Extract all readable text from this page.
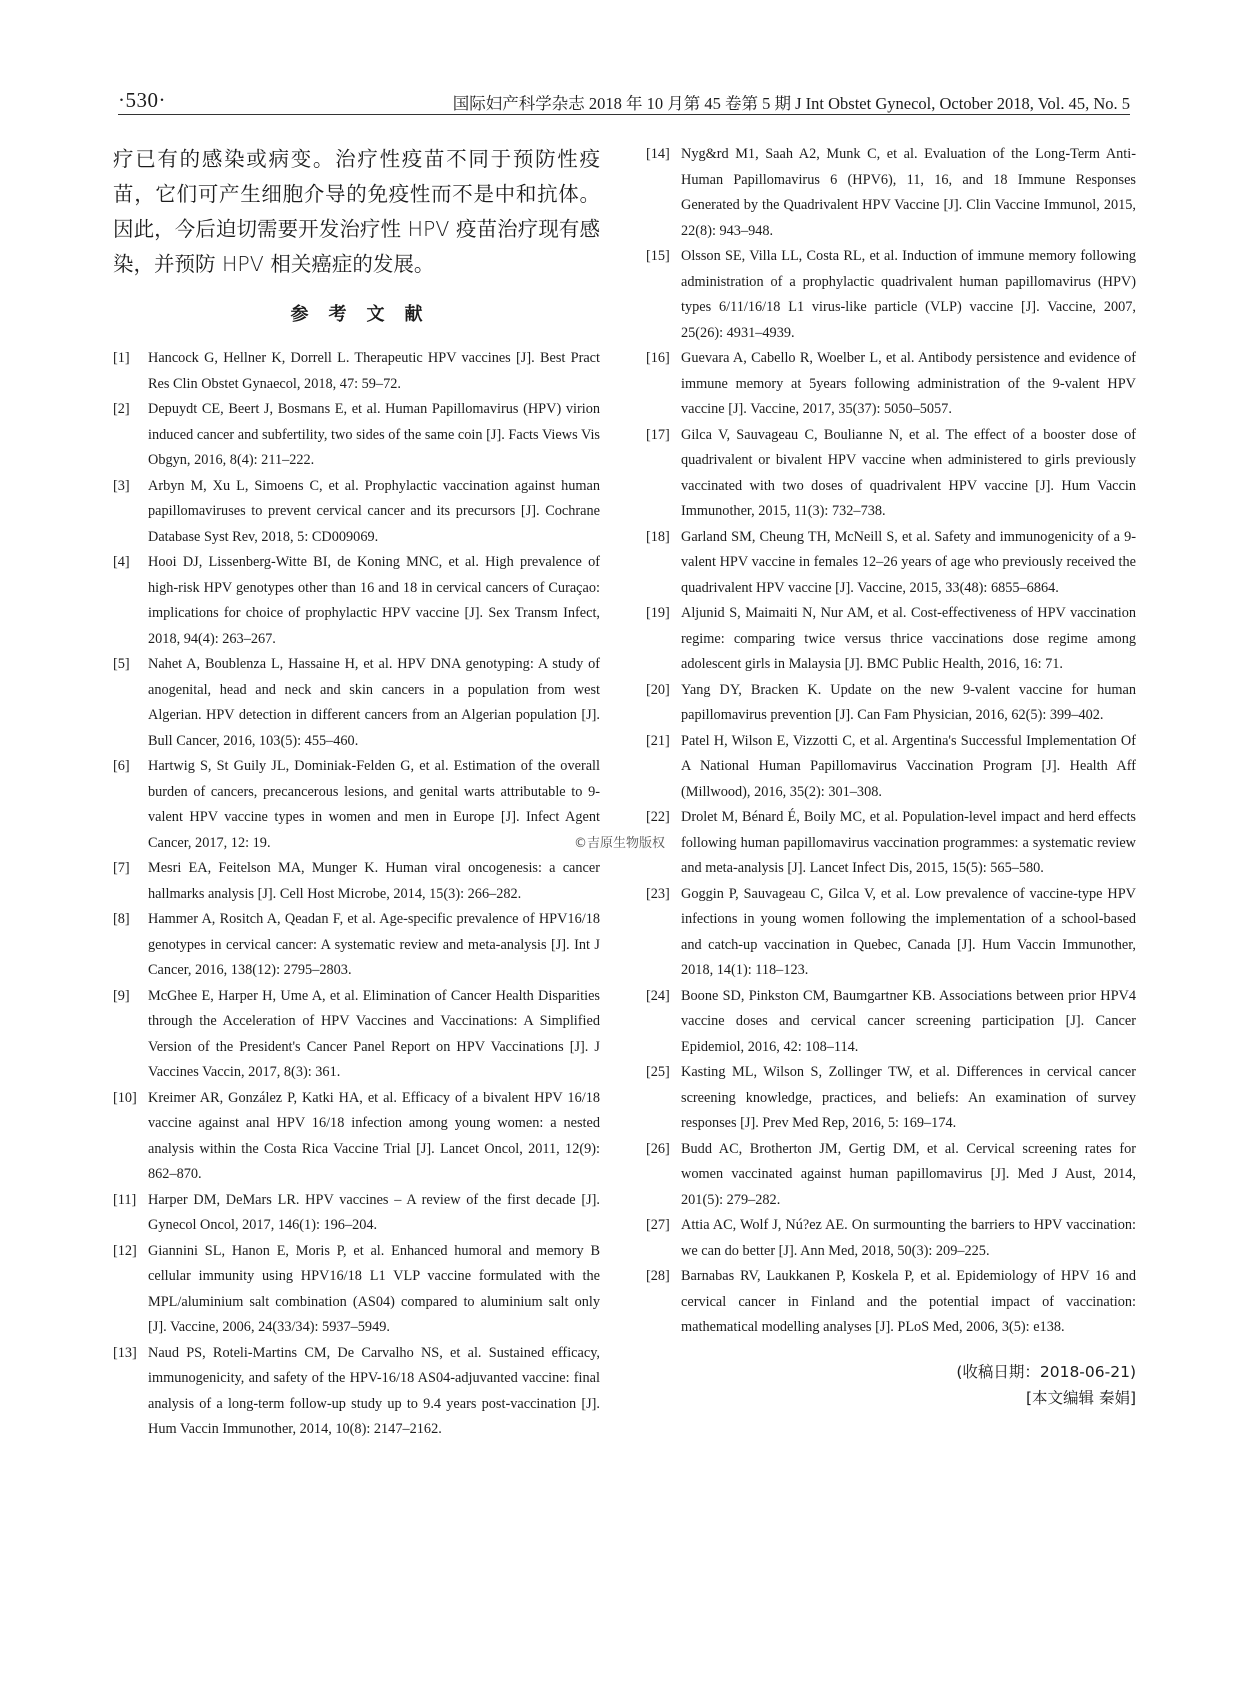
·530·	国际妇产科学杂志 2018 年 10 月第 45 卷第 5 期 J Int Obstet Gynecol, October 2018, Vol. 45, No. 5

疗已有的感染或病变。治疗性疫苗不同于预防性疫苗，它们可产生细胞介导的免疫性而不是中和抗体。因此，今后迫切需要开发治疗性 HPV 疫苗治疗现有感染，并预防 HPV 相关癌症的发展。

参考文献
[1] Hancock G, Hellner K, Dorrell L. Therapeutic HPV vaccines [J]. Best Pract Res Clin Obstet Gynaecol, 2018, 47: 59–72.
[2] Depuydt CE, Beert J, Bosmans E, et al. Human Papillomavirus (HPV) virion induced cancer and subfertility, two sides of the same coin [J]. Facts Views Vis Obgyn, 2016, 8(4): 211–222.
[3] Arbyn M, Xu L, Simoens C, et al. Prophylactic vaccination against human papillomaviruses to prevent cervical cancer and its precursors [J]. Cochrane Database Syst Rev, 2018, 5: CD009069.
[4] Hooi DJ, Lissenberg-Witte BI, de Koning MNC, et al. High prevalence of high-risk HPV genotypes other than 16 and 18 in cervical cancers of Curaçao: implications for choice of prophylactic HPV vaccine [J]. Sex Transm Infect, 2018, 94(4): 263–267.
[5] Nahet A, Boublenza L, Hassaine H, et al. HPV DNA genotyping: A study of anogenital, head and neck and skin cancers in a population from west Algerian. HPV detection in different cancers from an Algerian population [J]. Bull Cancer, 2016, 103(5): 455–460.
[6] Hartwig S, St Guily JL, Dominiak-Felden G, et al. Estimation of the overall burden of cancers, precancerous lesions, and genital warts attributable to 9-valent HPV vaccine types in women and men in Europe [J]. Infect Agent Cancer, 2017, 12: 19.
[7] Mesri EA, Feitelson MA, Munger K. Human viral oncogenesis: a cancer hallmarks analysis [J]. Cell Host Microbe, 2014, 15(3): 266–282.
[8] Hammer A, Rositch A, Qeadan F, et al. Age-specific prevalence of HPV16/18 genotypes in cervical cancer: A systematic review and meta-analysis [J]. Int J Cancer, 2016, 138(12): 2795–2803.
[9] McGhee E, Harper H, Ume A, et al. Elimination of Cancer Health Disparities through the Acceleration of HPV Vaccines and Vaccinations: A Simplified Version of the President's Cancer Panel Report on HPV Vaccinations [J]. J Vaccines Vaccin, 2017, 8(3): 361.
[10] Kreimer AR, González P, Katki HA, et al. Efficacy of a bivalent HPV 16/18 vaccine against anal HPV 16/18 infection among young women: a nested analysis within the Costa Rica Vaccine Trial [J]. Lancet Oncol, 2011, 12(9): 862–870.
[11] Harper DM, DeMars LR. HPV vaccines – A review of the first decade [J]. Gynecol Oncol, 2017, 146(1): 196–204.
[12] Giannini SL, Hanon E, Moris P, et al. Enhanced humoral and memory B cellular immunity using HPV16/18 L1 VLP vaccine formulated with the MPL/aluminium salt combination (AS04) compared to aluminium salt only [J]. Vaccine, 2006, 24(33/34): 5937–5949.
[13] Naud PS, Roteli-Martins CM, De Carvalho NS, et al. Sustained efficacy, immunogenicity, and safety of the HPV-16/18 AS04-adjuvanted vaccine: final analysis of a long-term follow-up study up to 9.4 years post-vaccination [J]. Hum Vaccin Immunother, 2014, 10(8): 2147–2162.
©吉原生物版权
[14] Nyg&rd M1, Saah A2, Munk C, et al. Evaluation of the Long-Term Anti-Human Papillomavirus 6 (HPV6), 11, 16, and 18 Immune Responses Generated by the Quadrivalent HPV Vaccine [J]. Clin Vaccine Immunol, 2015, 22(8): 943–948.
[15] Olsson SE, Villa LL, Costa RL, et al. Induction of immune memory following administration of a prophylactic quadrivalent human papillomavirus (HPV) types 6/11/16/18 L1 virus-like particle (VLP) vaccine [J]. Vaccine, 2007, 25(26): 4931–4939.
[16] Guevara A, Cabello R, Woelber L, et al. Antibody persistence and evidence of immune memory at 5years following administration of the 9-valent HPV vaccine [J]. Vaccine, 2017, 35(37): 5050–5057.
[17] Gilca V, Sauvageau C, Boulianne N, et al. The effect of a booster dose of quadrivalent or bivalent HPV vaccine when administered to girls previously vaccinated with two doses of quadrivalent HPV vaccine [J]. Hum Vaccin Immunother, 2015, 11(3): 732–738.
[18] Garland SM, Cheung TH, McNeill S, et al. Safety and immunogenicity of a 9-valent HPV vaccine in females 12–26 years of age who previously received the quadrivalent HPV vaccine [J]. Vaccine, 2015, 33(48): 6855–6864.
[19] Aljunid S, Maimaiti N, Nur AM, et al. Cost-effectiveness of HPV vaccination regime: comparing twice versus thrice vaccinations dose regime among adolescent girls in Malaysia [J]. BMC Public Health, 2016, 16: 71.
[20] Yang DY, Bracken K. Update on the new 9-valent vaccine for human papillomavirus prevention [J]. Can Fam Physician, 2016, 62(5): 399–402.
[21] Patel H, Wilson E, Vizzotti C, et al. Argentina's Successful Implementation Of A National Human Papillomavirus Vaccination Program [J]. Health Aff (Millwood), 2016, 35(2): 301–308.
[22] Drolet M, Bénard É, Boily MC, et al. Population-level impact and herd effects following human papillomavirus vaccination programmes: a systematic review and meta-analysis [J]. Lancet Infect Dis, 2015, 15(5): 565–580.
[23] Goggin P, Sauvageau C, Gilca V, et al. Low prevalence of vaccine-type HPV infections in young women following the implementation of a school-based and catch-up vaccination in Quebec, Canada [J]. Hum Vaccin Immunother, 2018, 14(1): 118–123.
[24] Boone SD, Pinkston CM, Baumgartner KB. Associations between prior HPV4 vaccine doses and cervical cancer screening participation [J]. Cancer Epidemiol, 2016, 42: 108–114.
[25] Kasting ML, Wilson S, Zollinger TW, et al. Differences in cervical cancer screening knowledge, practices, and beliefs: An examination of survey responses [J]. Prev Med Rep, 2016, 5: 169–174.
[26] Budd AC, Brotherton JM, Gertig DM, et al. Cervical screening rates for women vaccinated against human papillomavirus [J]. Med J Aust, 2014, 201(5): 279–282.
[27] Attia AC, Wolf J, Nú?ez AE. On surmounting the barriers to HPV vaccination: we can do better [J]. Ann Med, 2018, 50(3): 209–225.
[28] Barnabas RV, Laukkanen P, Koskela P, et al. Epidemiology of HPV 16 and cervical cancer in Finland and the potential impact of vaccination: mathematical modelling analyses [J]. PLoS Med, 2006, 3(5): e138.
(收稿日期：2018-06-21)
[本文编辑 秦娟]
